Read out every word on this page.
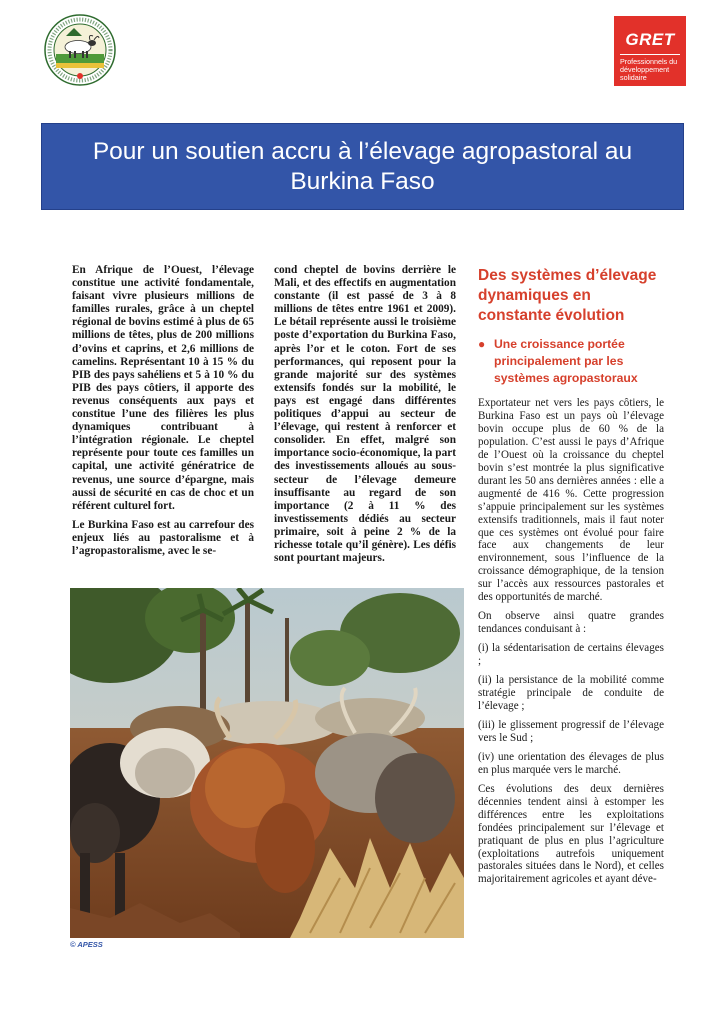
GRET
Professionnels du développement solidaire
Pour un soutien accru à l’élevage agropastoral au Burkina Faso

En Afrique de l’Ouest, l’élevage constitue une activité fondamentale, faisant vivre plusieurs millions de familles rurales, grâce à un cheptel régional de bovins estimé à plus de 65 millions de têtes, plus de 200 millions d’ovins et caprins, et 2,6 millions de camelins. Représentant 10 à 15 % du PIB des pays sahéliens et 5 à 10 % du PIB des pays côtiers, il apporte des revenus conséquents aux pays et constitue l’une des filières les plus dynamiques contribuant à l’intégration régionale. Le cheptel représente pour toute ces familles un capital, une activité génératrice de revenus, une source d’épargne, mais aussi de sécurité en cas de choc et un référent culturel fort.

Le Burkina Faso est au carrefour des enjeux liés au pastoralisme et à l’agropastoralisme, avec le se-

cond cheptel de bovins derrière le Mali, et des effectifs en augmentation constante (il est passé de 3 à 8 millions de têtes entre 1961 et 2009). Le bétail représente aussi le troisième poste d’exportation du Burkina Faso, après l’or et le coton. Fort de ses performances, qui reposent pour la grande majorité sur des systèmes extensifs fondés sur la mobilité, le pays est engagé dans différentes politiques d’appui au secteur de l’élevage, qui restent à renforcer et consolider. En effet, malgré son importance socio-économique, la part des investissements alloués au sous-secteur de l’élevage demeure insuffisante au regard de son importance (2 à 11 % des investissements dédiés au secteur primaire, soit à peine 2 % de la richesse totale qu’il génère). Les défis sont pourtant majeurs.

Des systèmes d’élevage dynamiques en constante évolution
● Une croissance portée principalement par les systèmes agropastoraux

Exportateur net vers les pays côtiers, le Burkina Faso est un pays où l’élevage bovin occupe plus de 60 % de la population. C’est aussi le pays d’Afrique de l’Ouest où la croissance du cheptel bovin s’est montrée la plus significative durant les 50 ans dernières années : elle a augmenté de 416 %. Cette progression s’appuie principalement sur les systèmes extensifs traditionnels, mais il faut noter que ces systèmes ont évolué pour faire face aux changements de leur environnement, sous l’influence de la croissance démographique, de la tension sur l’accès aux ressources pastorales et des opportunités de marché.

On observe ainsi quatre grandes tendances conduisant à :

(i) la sédentarisation de certains élevages ;

(ii) la persistance de la mobilité comme stratégie principale de conduite de l’élevage ;

(iii) le glissement progressif de l’élevage vers le Sud ;

(iv) une orientation des élevages de plus en plus marquée vers le marché.

Ces évolutions des deux dernières décennies tendent ainsi à estomper les différences entre les exploitations fondées principalement sur l’élevage et pratiquant de plus en plus l’agriculture (exploitations autrefois uniquement pastorales situées dans le Nord), et celles majoritairement agricoles et ayant déve-

© APESS
